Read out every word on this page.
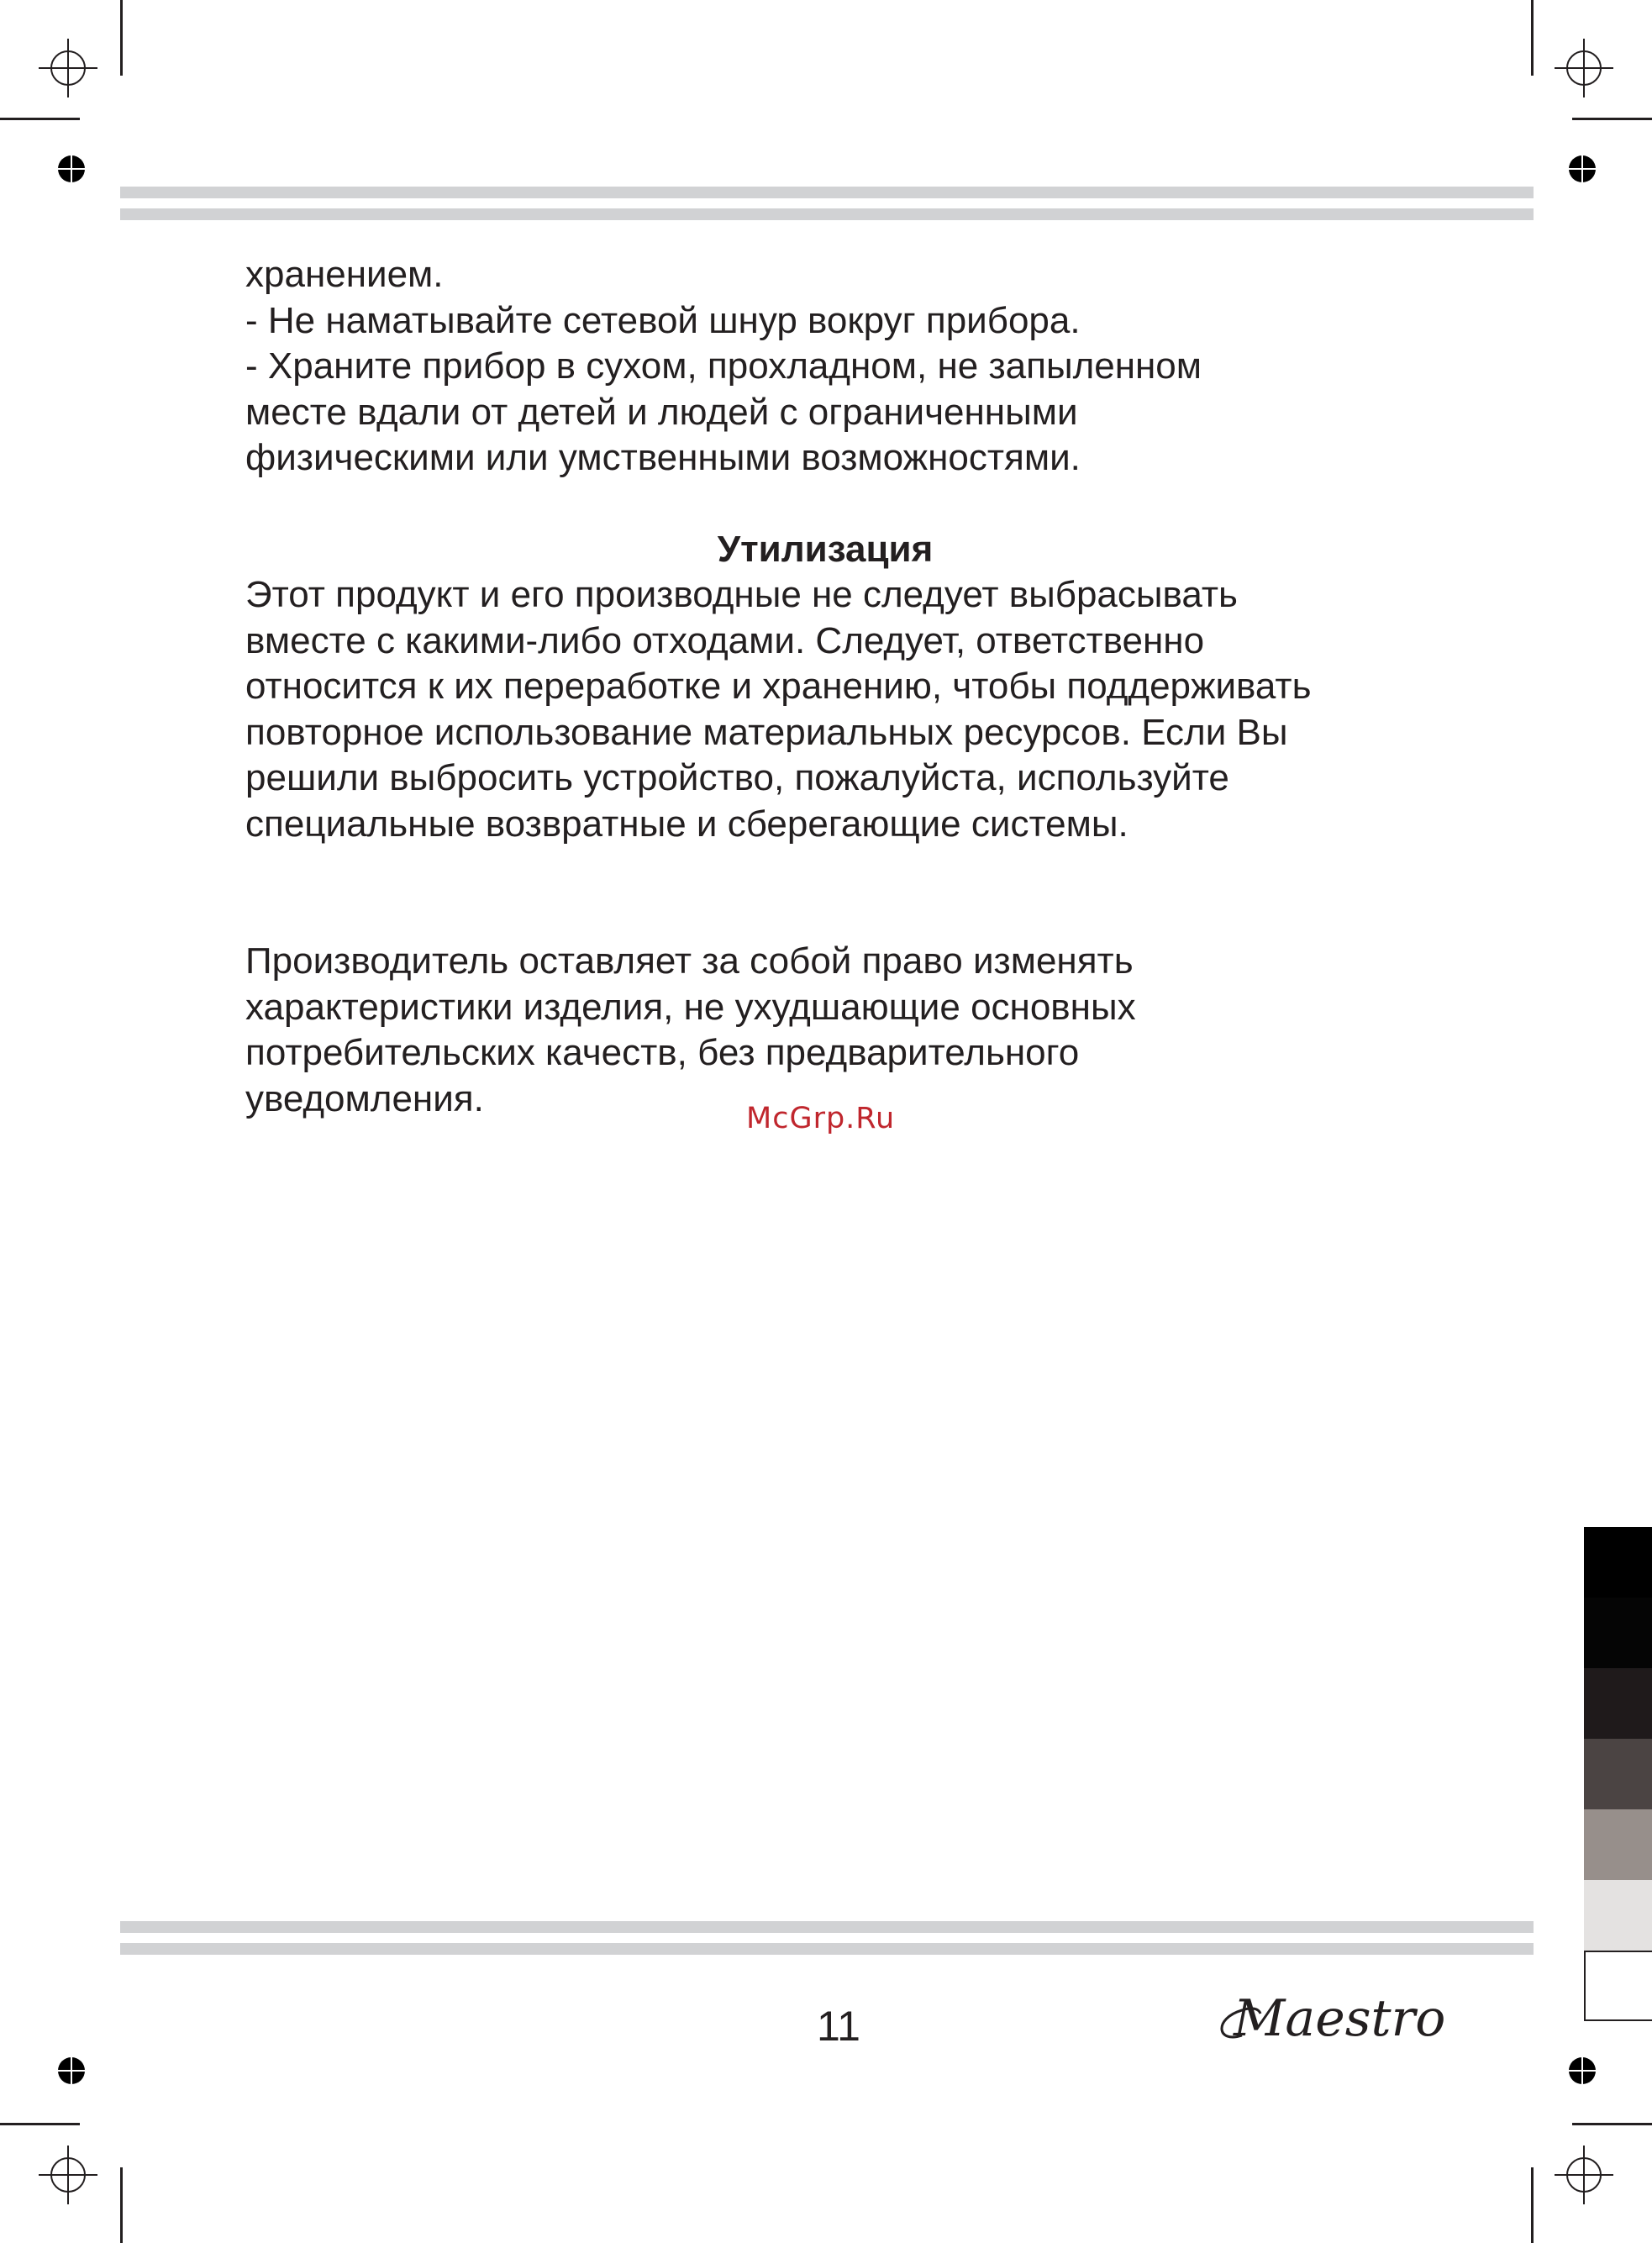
хранением.
- Не наматывайте сетевой шнур вокруг прибора.
- Храните прибор в сухом, прохладном, не запыленном
месте вдали от детей и людей с ограниченными
физическими или умственными возможностями.

Утилизация

Этот продукт и его производные не следует выбрасывать
вместе с какими-либо отходами. Следует, ответственно
относится к их переработке и хранению, чтобы поддерживать
повторное использование материальных ресурсов. Если Вы
решили выбросить устройство, пожалуйста, используйте
специальные возвратные и сберегающие системы.

Производитель оставляет за собой право изменять
характеристики изделия, не ухудшающие основных
потребительских качеств, без предварительного
уведомления.	McGrp.Ru
11	Maestro
